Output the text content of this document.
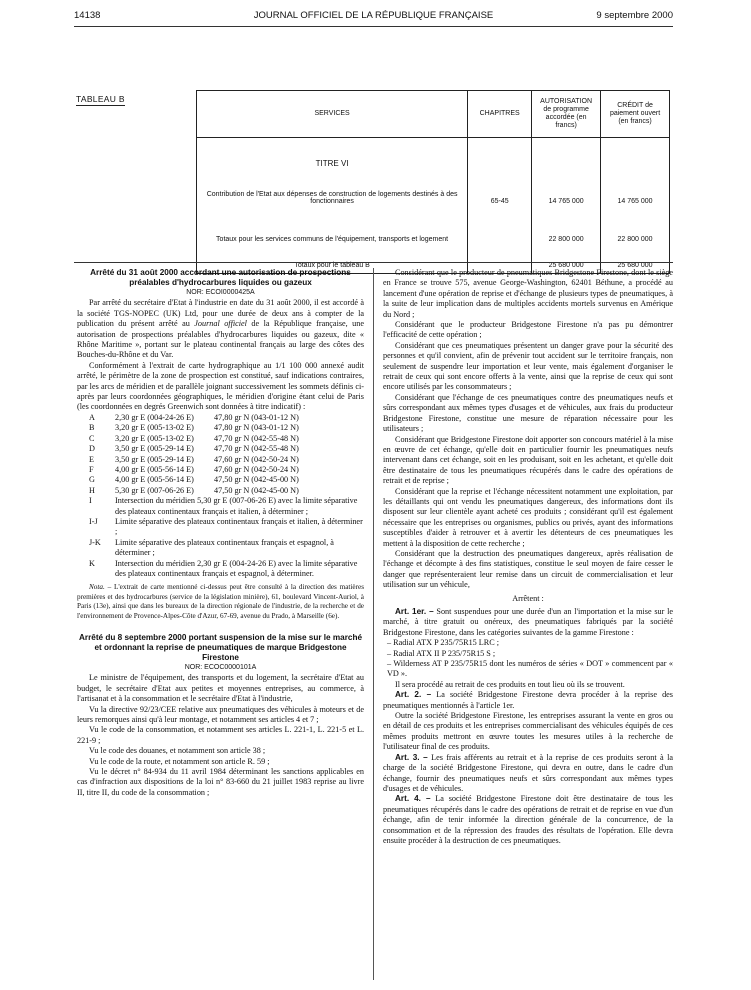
14138	JOURNAL OFFICIEL DE LA RÉPUBLIQUE FRANÇAISE	9 septembre 2000
TABLEAU B
SERVICES	CHAPITRES	AUTORISATION de programme accordée (en francs)	CRÉDIT de paiement ouvert (en francs)
TITRE VI			
Contribution de l'Etat aux dépenses de construction de logements destinés à des fonctionnaires	65-45	14 765 000	14 765 000
Totaux pour les services communs de l'équipement, transports et logement		22 800 000	22 800 000
Totaux pour le tableau B		25 680 000	25 680 000

Arrêté du 31 août 2000 accordant une autorisation de prospections préalables d'hydrocarbures liquides ou gazeux

NOR: ECOI0000425A

Par arrêté du secrétaire d'Etat à l'industrie en date du 31 août 2000, il est accordé à la société TGS-NOPEC (UK) Ltd, pour une durée de deux ans à compter de la publication du présent arrêté au Journal officiel de la République française, une autorisation de prospections préalables d'hydrocarbures liquides ou gazeux, dite « Rhône Maritime », portant sur le plateau continental français au large des côtes des Bouches-du-Rhône et du Var.

Conformément à l'extrait de carte hydrographique au 1/1 100 000 annexé audit arrêté, le périmètre de la zone de prospection est constitué, sauf indications contraires, par les arcs de méridien et de parallèle joignant successivement les sommets définis ci-après par leurs coordonnées géographiques, le méridien d'origine étant celui de Paris (les coordonnées en degrés Greenwich sont données à titre indicatif) :

A	2,30 gr E (004-24-26 E)	47,80 gr N (043-01-12 N)
B	3,20 gr E (005-13-02 E)	47,80 gr N (043-01-12 N)
C	3,20 gr E (005-13-02 E)	47,70 gr N (042-55-48 N)
D	3,50 gr E (005-29-14 E)	47,70 gr N (042-55-48 N)
E	3,50 gr E (005-29-14 E)	47,60 gr N (042-50-24 N)
F	4,00 gr E (005-56-14 E)	47,60 gr N (042-50-24 N)
G	4,00 gr E (005-56-14 E)	47,50 gr N (042-45-00 N)
H	5,30 gr E (007-06-26 E)	47,50 gr N (042-45-00 N)
I	Intersection du méridien 5,30 gr E (007-06-26 E) avec la limite séparative des plateaux continentaux français et italien, à déterminer ;
I-J	Limite séparative des plateaux continentaux français et italien, à déterminer ;
J-K	Limite séparative des plateaux continentaux français et espagnol, à déterminer ;
K	Intersection du méridien 2,30 gr E (004-24-26 E) avec la limite séparative des plateaux continentaux français et espagnol, à déterminer.

Nota. – L'extrait de carte mentionné ci-dessus peut être consulté à la direction des matières premières et des hydrocarbures (service de la législation minière), 61, boulevard Vincent-Auriol, à Paris (13e), ainsi que dans les bureaux de la direction régionale de l'industrie, de la recherche et de l'environnement de Provence-Alpes-Côte d'Azur, 67-69, avenue du Prado, à Marseille (6e).

Arrêté du 8 septembre 2000 portant suspension de la mise sur le marché et ordonnant la reprise de pneumatiques de marque Bridgestone Firestone

NOR: ECOC0000101A

Le ministre de l'équipement, des transports et du logement, la secrétaire d'Etat au budget, le secrétaire d'Etat aux petites et moyennes entreprises, au commerce, à l'artisanat et à la consommation et le secrétaire d'Etat à l'industrie,

Vu la directive 92/23/CEE relative aux pneumatiques des véhicules à moteurs et de leurs remorques ainsi qu'à leur montage, et notamment ses articles 4 et 7 ;

Vu le code de la consommation, et notamment ses articles L. 221-1, L. 221-5 et L. 221-9 ;

Vu le code des douanes, et notamment son article 38 ;

Vu le code de la route, et notamment son article R. 59 ;

Vu le décret n° 84-934 du 11 avril 1984 déterminant les sanctions applicables en cas d'infraction aux dispositions de la loi n° 83-660 du 21 juillet 1983 reprise au livre II, titre II, du code de la consommation ;

Considérant que le producteur de pneumatiques Bridgestone Firestone, dont le siège en France se trouve 575, avenue George-Washington, 62401 Béthune, a procédé au lancement d'une opération de reprise et d'échange de plusieurs types de pneumatiques, à la suite de leur implication dans de multiples accidents mortels survenus en Amérique du Nord ;

Considérant que le producteur Bridgestone Firestone n'a pas pu démontrer l'efficacité de cette opération ;

Considérant que ces pneumatiques présentent un danger grave pour la sécurité des personnes et qu'il convient, afin de prévenir tout accident sur le territoire français, non seulement de suspendre leur importation et leur vente, mais également d'organiser le retrait de ceux qui sont encore offerts à la vente, ainsi que la reprise de ceux qui sont encore utilisés par les consommateurs ;

Considérant que l'échange de ces pneumatiques contre des pneumatiques neufs et sûrs correspondant aux mêmes types d'usages et de véhicules, aux frais du producteur Bridgestone Firestone, constitue une mesure de réparation nécessaire pour les utilisateurs ;

Considérant que Bridgestone Firestone doit apporter son concours matériel à la mise en œuvre de cet échange, qu'elle doit en particulier fournir les pneumatiques neufs intervenant dans cet échange, soit en les produisant, soit en les achetant, et qu'elle doit être destinataire de tous les pneumatiques récupérés dans le cadre des opérations de retrait et de reprise ;

Considérant que la reprise et l'échange nécessitent notamment une exploitation, par les détaillants qui ont vendu les pneumatiques dangereux, des informations dont ils disposent sur leur clientèle ayant acheté ces produits ; considérant qu'il est également nécessaire que les entreprises ou organismes, publics ou privés, ayant des informations susceptibles d'aider à retrouver et à avertir les détenteurs de ces pneumatiques les mettent à la disposition de cette recherche ;

Considérant que la destruction des pneumatiques dangereux, après réalisation de l'échange et décompte à des fins statistiques, constitue le seul moyen de faire cesser le danger que représenteraient leur remise dans un circuit de commercialisation et leur utilisation sur un véhicule,

Arrêtent :

Art. 1er. – Sont suspendues pour une durée d'un an l'importation et la mise sur le marché, à titre gratuit ou onéreux, des pneumatiques fabriqués par la société Bridgestone Firestone, dans les catégories suivantes de la gamme Firestone :

– Radial ATX P 235/75R15 LRC ;

– Radial ATX II P 235/75R15 S ;

– Wilderness AT P 235/75R15 dont les numéros de séries « DOT » commencent par « VD ».

Il sera procédé au retrait de ces produits en tout lieu où ils se trouvent.

Art. 2. – La société Bridgestone Firestone devra procéder à la reprise des pneumatiques mentionnés à l'article 1er.

Outre la société Bridgestone Firestone, les entreprises assurant la vente en gros ou en détail de ces produits et les entreprises commercialisant des véhicules équipés de ces mêmes produits mettront en œuvre toutes les mesures utiles à la recherche de l'utilisateur final de ces produits.

Art. 3. – Les frais afférents au retrait et à la reprise de ces produits seront à la charge de la société Bridgestone Firestone, qui devra en outre, dans le cadre d'un échange, fournir des pneumatiques neufs et sûrs correspondant aux mêmes types d'usages et de véhicules.

Art. 4. – La société Bridgestone Firestone doit être destinataire de tous les pneumatiques récupérés dans le cadre des opérations de retrait et de reprise en vue d'un échange, afin de tenir informée la direction générale de la concurrence, de la consommation et de la répression des fraudes des résultats de l'opération. Elle devra ensuite procéder à la destruction de ces pneumatiques.
